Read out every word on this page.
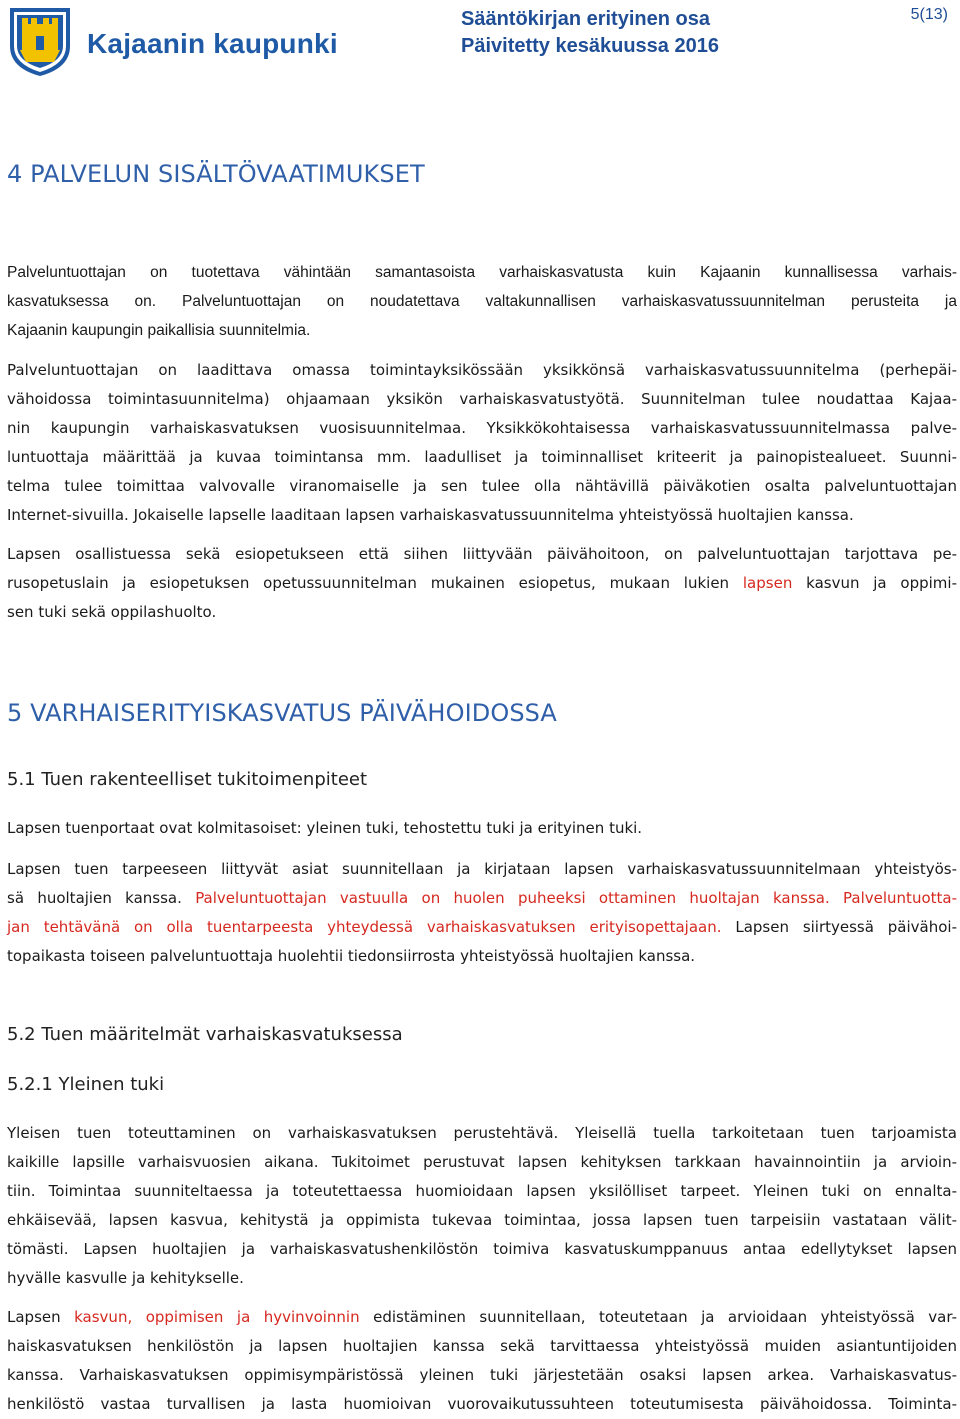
Kajaanin kaupunki
Sääntökirjan erityinen osa
Päivitetty kesäkuussa 2016
5(13)
4 PALVELUN SISÄLTÖVAATIMUKSET
Palveluntuottajan on tuotettava vähintään samantasoista varhaiskasvatusta kuin Kajaanin kunnallisessa varhais-
kasvatuksessa on. Palveluntuottajan on noudatettava valtakunnallisen varhaiskasvatussuunnitelman perusteita ja
Kajaanin kaupungin paikallisia suunnitelmia.
Palveluntuottajan on laadittava omassa toimintayksikössään yksikkönsä varhaiskasvatussuunnitelma (perhepäi-
vähoidossa toimintasuunnitelma) ohjaamaan yksikön varhaiskasvatustyötä. Suunnitelman tulee noudattaa Kajaa-
nin kaupungin varhaiskasvatuksen vuosisuunnitelmaa. Yksikkökohtaisessa varhaiskasvatussuunnitelmassa palve-
luntuottaja määrittää ja kuvaa toimintansa mm. laadulliset ja toiminnalliset kriteerit ja painopistealueet. Suunni-
telma tulee toimittaa valvovalle viranomaiselle ja sen tulee olla nähtävillä päiväkotien osalta palveluntuottajan
Internet-sivuilla. Jokaiselle lapselle laaditaan lapsen varhaiskasvatussuunnitelma yhteistyössä huoltajien kanssa.
Lapsen osallistuessa sekä esiopetukseen että siihen liittyvään päivähoitoon, on palveluntuottajan tarjottava pe-
rusopetuslain ja esiopetuksen opetussuunnitelman mukainen esiopetus, mukaan lukien lapsen kasvun ja oppimi-
sen tuki sekä oppilashuolto.
5 VARHAISERITYISKASVATUS PÄIVÄHOIDOSSA
5.1 Tuen rakenteelliset tukitoimenpiteet
Lapsen tuenportaat ovat kolmitasoiset: yleinen tuki, tehostettu tuki ja erityinen tuki.
Lapsen tuen tarpeeseen liittyvät asiat suunnitellaan ja kirjataan lapsen varhaiskasvatussuunnitelmaan yhteistyös-
sä huoltajien kanssa. Palveluntuottajan vastuulla on huolen puheeksi ottaminen huoltajan kanssa. Palveluntuotta-
jan tehtävänä on olla tuentarpeesta yhteydessä varhaiskasvatuksen erityisopettajaan. Lapsen siirtyessä päivähoi-
topaikasta toiseen palveluntuottaja huolehtii tiedonsiirrosta yhteistyössä huoltajien kanssa.
5.2 Tuen määritelmät varhaiskasvatuksessa
5.2.1 Yleinen tuki
Yleisen tuen toteuttaminen on varhaiskasvatuksen perustehtävä. Yleisellä tuella tarkoitetaan tuen tarjoamista
kaikille lapsille varhaisvuosien aikana. Tukitoimet perustuvat lapsen kehityksen tarkkaan havainnointiin ja arvioin-
tiin. Toimintaa suunniteltaessa ja toteutettaessa huomioidaan lapsen yksilölliset tarpeet. Yleinen tuki on ennalta-
ehkäisevää, lapsen kasvua, kehitystä ja oppimista tukevaa toimintaa, jossa lapsen tuen tarpeisiin vastataan välit-
tömästi. Lapsen huoltajien ja varhaiskasvatushenkilöstön toimiva kasvatuskumppanuus antaa edellytykset lapsen
hyvälle kasvulle ja kehitykselle.
Lapsen kasvun, oppimisen ja hyvinvoinnin edistäminen suunnitellaan, toteutetaan ja arvioidaan yhteistyössä var-
haiskasvatuksen henkilöstön ja lapsen huoltajien kanssa sekä tarvittaessa yhteistyössä muiden asiantuntijoiden
kanssa. Varhaiskasvatuksen oppimisympäristössä yleinen tuki järjestetään osaksi lapsen arkea. Varhaiskasvatus-
henkilöstö vastaa turvallisen ja lasta huomioivan vuorovaikutussuhteen toteutumisesta päivähoidossa. Toiminta-
